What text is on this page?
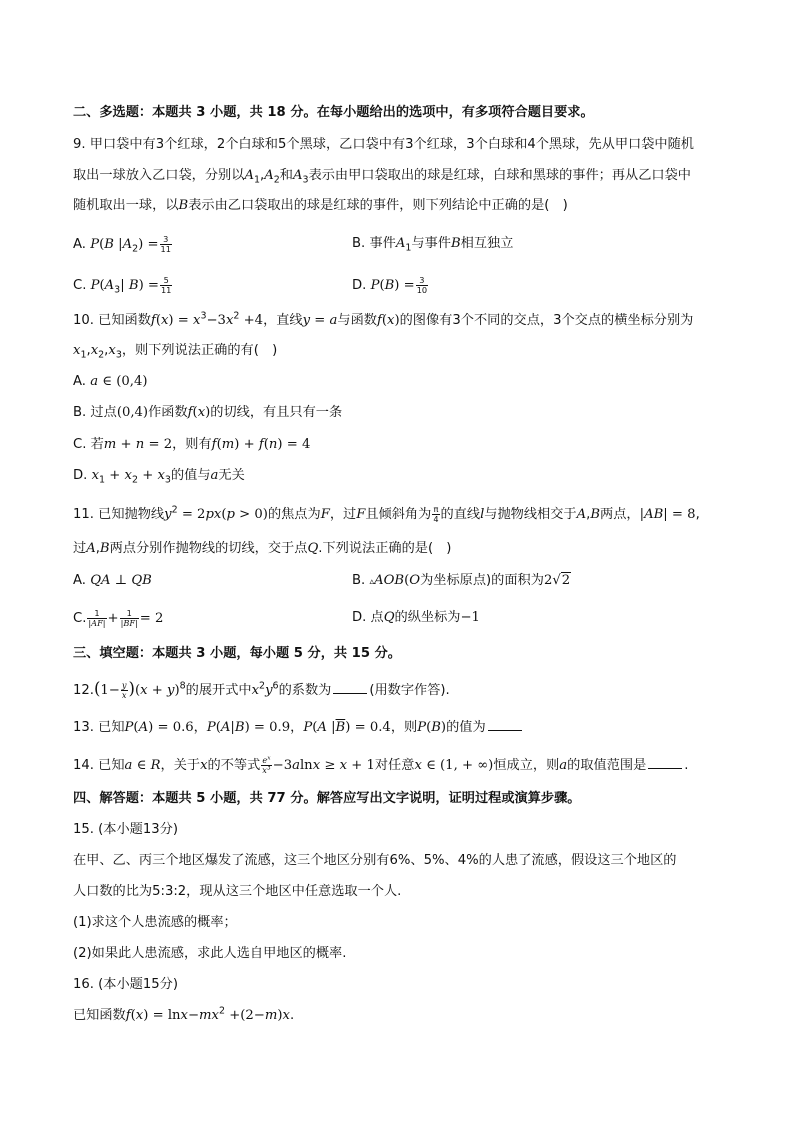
二、多选题：本题共 3 小题，共 18 分。在每小题给出的选项中，有多项符合题目要求。
9. 甲口袋中有3个红球，2个白球和5个黑球，乙口袋中有3个红球，3个白球和4个黑球，先从甲口袋中随机
取出一球放入乙口袋，分别以$A_1,A_2$和$A_3$表示由甲口袋取出的球是红球，白球和黑球的事件；再从乙口袋中
随机取出一球，以B表示由乙口袋取出的球是红球的事件，则下列结论中正确的是(　)
A. P(B $|A_2) = \frac{3}{11}$	B. 事件$A_1$与事件B相互独立
C. $P(A_3|$ $B) = \frac{5}{11}$	D. $P(B) = \frac{3}{10}$
10. 已知函数$f(x) = x^3-3x^2 +4$，直线y = a与函数f(x)的图像有3个不同的交点，3个交点的横坐标分别为
$x_1,x_2,x_3$，则下列说法正确的有(　)
A. a ∈ (0,4)
B. 过点(0,4)作函数f(x)的切线，有且只有一条
C. 若m + n = 2，则有f(m) + f(n) = 4
D. $x_1 + x_2 + x_3$的值与a无关
11. 已知抛物线$y^2 = 2px(p > 0)$的焦点为F，过F且倾斜角为 $\frac{\pi}{4}$ 的直线l与抛物线相交于A,B两点，|AB| = 8,
过A,B两点分别作抛物线的切线，交于点Q.下列说法正确的是(　)
A. QA ⊥ QB	B. ▵AOB(O为坐标原点)的面积为2√2
C. $\frac{1}{|AF|} + \frac{1}{|BF|} = 2$	D. 点Q的纵坐标为−1
三、填空题：本题共 3 小题，每小题 5 分，共 15 分。
$12.(1- \frac{y}{x} )(x + y)^8$的展开式中$x^2y^6$的系数为	(用数字作答).
13. 已知P(A) = 0.6，P(A|B) = 0.9，P(A $|\overline{B}) = 0.4$，则P(B)的值为
14. 已知a ∈ R，关于x的不等式 $\frac{e^x}{x^3} -3alnx \ge x + 1$对任意x ∈ (1, + ∞)恒成立，则a的取值范围是	.
四、解答题：本题共 5 小题，共 77 分。解答应写出文字说明，证明过程或演算步骤。
15. (本小题13分)
在甲、乙、丙三个地区爆发了流感，这三个地区分别有6%、5%、4%的人患了流感，假设这三个地区的
人口数的比为5:3:2，现从这三个地区中任意选取一个人.
(1)求这个人患流感的概率；
(2)如果此人患流感，求此人选自甲地区的概率.
16. (本小题15分)
已知函数$f(x) = \ln x-mx^2 +(2-m)x$.
